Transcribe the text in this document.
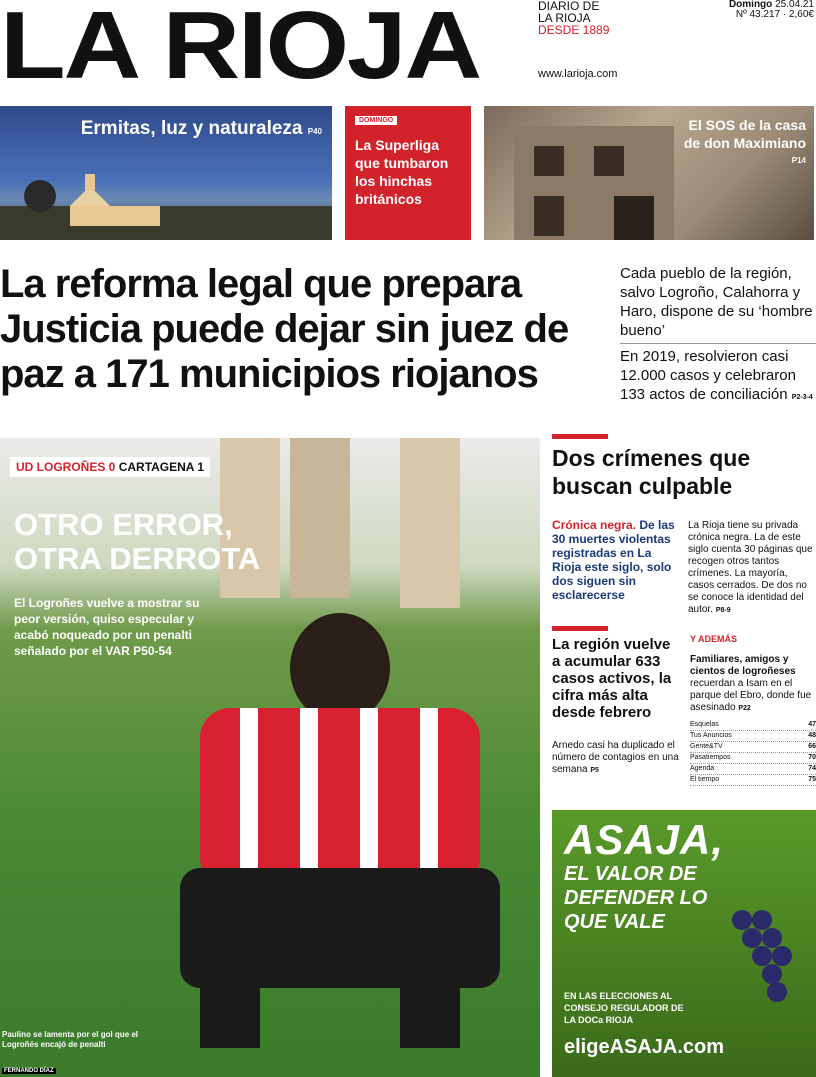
LA RIOJA	DIARIO DE
LA RIOJA
DESDE 1889
www.larioja.com
Domingo 25.04.21
Nº 43.217 · 2,60€
Ermitas, luz y naturaleza P40
DOMINGO
La Superliga que tumbaron los hinchas británicos
El SOS de la casa de don Maximiano
P14
La reforma legal que prepara Justicia puede dejar sin juez de paz a 171 municipios riojanos
Cada pueblo de la región, salvo Logroño, Calahorra y Haro, dispone de su ‘hombre bueno’
En 2019, resolvieron casi 12.000 casos y celebraron 133 actos de conciliación P2-3-4
UD LOGROÑES 0 CARTAGENA 1
OTRO ERROR, OTRA DERROTA
El Logroñes vuelve a mostrar su peor versión, quiso especular y acabó noqueado por un penalti señalado por el VAR P50-54
Paulino se lamenta por el gol que el Logroñés encajó de penalti
FERNANDO DÍAZ
Dos crímenes que buscan culpable
Crónica negra. De las 30 muertes violentas registradas en La Rioja este siglo, solo dos siguen sin esclarecerse
La Rioja tiene su privada crónica negra. La de este siglo cuenta 30 páginas que recogen otros tantos crímenes. La mayoría, casos cerrados. De dos no se conoce la identidad del autor. P8-9
La región vuelve a acumular 633 casos activos, la cifra más alta desde febrero
Arnedo casi ha duplicado el número de contagios en una semana P5
Y ADEMÁS
Familiares, amigos y cientos de logroñeses recuerdan a Isam en el parque del Ebro, donde fue asesinado P22
Esquelas	47
Tus Anuncios	48
Gente&TV	66
Pasatiempos	70
Agenda	74
El tiempo	75
ASAJA,
EL VALOR DE DEFENDER LO QUE VALE
EN LAS ELECCIONES AL CONSEJO REGULADOR DE LA DOCa RIOJA
eligeASAJA.com
